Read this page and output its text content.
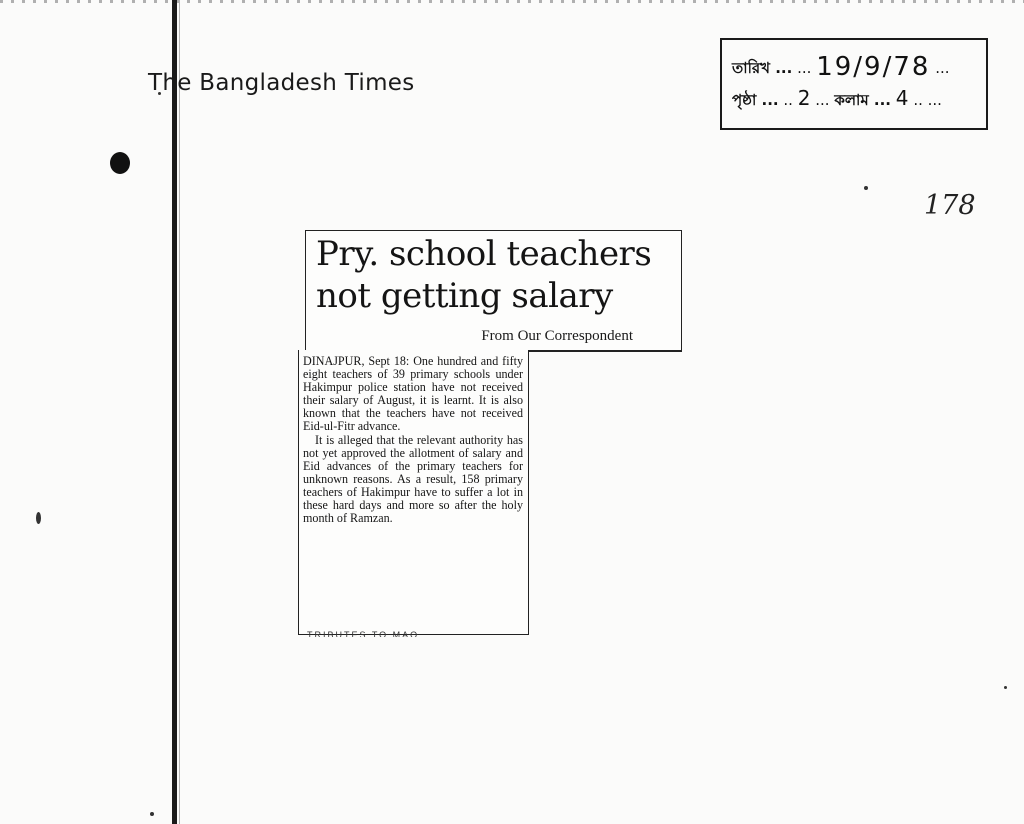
The Bangladesh Times
তারিখ ... ... 19/9/78 ...
পৃষ্ঠা ... .. 2 ... কলাম ... 4 .. ...
178
Pry. school teachers not getting salary
From Our Correspondent

DINAJPUR, Sept 18: One hundred and fifty eight teachers of 39 primary schools under Hakimpur police station have not received their salary of August, it is learnt. It is also known that the teachers have not received Eid-ul-Fitr advance.

It is alleged that the relevant authority has not yet approved the allotment of salary and Eid advances of the primary teachers for unknown reasons. As a result, 158 primary teachers of Hakimpur have to suffer a lot in these hard days and more so after the holy month of Ramzan.

TRIBUTES TO MAO
